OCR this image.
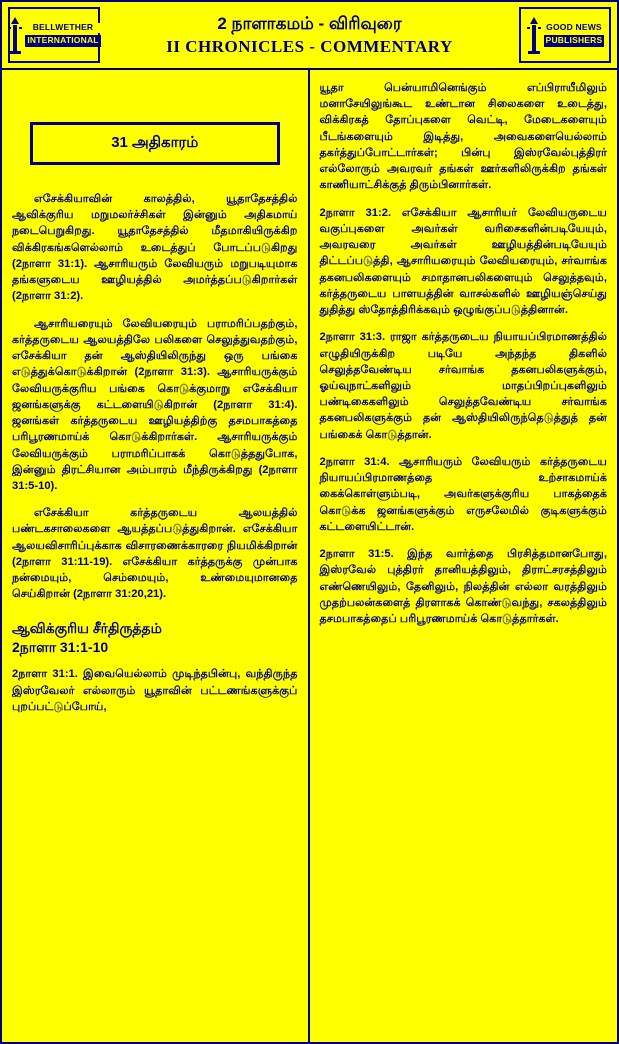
BELLWETHER
INTERNATIONAL
2 நாளாகமம் - விரிவுரை
II CHRONICLES - COMMENTARY
GOOD NEWS
PUBLISHERS
31 அதிகாரம்

எசேக்கியாவின் காலத்தில், யூதாதேசத்தில் ஆவிக்குரிய மறுமலர்ச்சிகள் இன்னும் அதிகமாய் நடைபெறுகிறது. யூதாதேசத்தில் மீதமாகியிருக்கிற விக்கிரகங்களெல்லாம் உடைத்துப் போடப்படுகிறது (2நாளா 31:1). ஆசாரியரும் லேவியரும் மறுபடியுமாக தங்களுடைய ஊழியத்தில் அமர்த்தப்படுகிறார்கள் (2நாளா 31:2).

ஆசாரியரையும் லேவியரையும் பராமரிப்பதற்கும், கர்த்தருடைய ஆலயத்திலே பலிகளை செலுத்துவதற்கும், எசேக்கியா தன் ஆஸ்தியிலிருந்து ஒரு பங்கை எடுத்துக்கொடுக்கிறான் (2நாளா 31:3). ஆசாரியருக்கும் லேவியருக்குரிய பங்கை கொடுக்குமாறு எசேக்கியா ஜனங்களுக்கு கட்டளையிடுகிறான் (2நாளா 31:4). ஜனங்கள் கர்த்தருடைய ஊழியத்திற்கு தசமபாகத்தை பரிபூரணமாய்க் கொடுக்கிறார்கள். ஆசாரியருக்கும் லேவியருக்கும் பராமரிப்பாகக் கொடுத்ததுபோக, இன்னும் திரட்சியான அம்பாரம் மீந்திருக்கிறது (2நாளா 31:5-10).

எசேக்கியா கர்த்தருடைய ஆலயத்தில் பண்டகசாலைகளை ஆயத்தப்படுத்துகிறான். எசேக்கியா ஆலயவிசாரிப்புக்காக விசாரணைக்காரரை நியமிக்கிறான் (2நாளா 31:11-19). எசேக்கியா கர்த்தருக்கு முன்பாக நன்மையும், செம்மையும், உண்மையுமானதை செய்கிறான் (2நாளா 31:20,21).

ஆவிக்குரிய சீர்திருத்தம்
2நாளா 31:1-10

2நாளா 31:1. இவையெல்லாம் முடிந்தபின்பு, வந்திருந்த இஸ்ரவேலர் எல்லாரும் யூதாவின் பட்டணங்களுக்குப் புறப்பட்டுப்போய்,

யூதா பென்யாமினெங்கும் எப்பிராயீமிலும் மனாசேயிலுங்கூட உண்டான சிலைகளை உடைத்து, விக்கிரகத் தோப்புகளை வெட்டி, மேடைகளையும் பீடங்களையும் இடித்து, அவைகளையெல்லாம் தகர்த்துப்போட்டார்கள்; பின்பு இஸ்ரவேல்புத்திரர் எல்லோரும் அவரவர் தங்கள் ஊர்களிலிருக்கிற தங்கள் காணியாட்சிக்குத் திரும்பினார்கள்.

2நாளா 31:2. எசேக்கியா ஆசாரியர் லேவியருடைய வகுப்புகளை அவர்கள் வரிசைகளின்படியேயும், அவரவரை அவர்கள் ஊழியத்தின்படியேயும் திட்டப்படுத்தி, ஆசாரியரையும் லேவியரையும், சர்வாங்க தகனபலிகளையும் சமாதானபலிகளையும் செலுத்தவும், கர்த்தருடைய பாளயத்தின் வாசல்களில் ஊழியஞ்செய்து துதித்து ஸ்தோத்திரிக்கவும் ஒழுங்குப்படுத்தினான்.

2நாளா 31:3. ராஜா கர்த்தருடைய நியாயப்பிரமாணத்தில் எழுதியிருக்கிற படியே அந்தந்த திகளில் செலுத்தவேண்டிய சர்வாங்க தகனபலிகளுக்கும், ஓய்வுநாட்களிலும் மாதப்பிறப்புகளிலும் பண்டிகைகளிலும் செலுத்தவேண்டிய சர்வாங்க தகனபலிகளுக்கும் தன் ஆஸ்தியிலிருந்தெடுத்துத் தன் பங்கைக் கொடுத்தான்.

2நாளா 31:4. ஆசாரியரும் லேவியரும் கர்த்தருடைய நியாயப்பிரமாணத்தை உற்சாகமாய்க் கைக்கொள்ளும்படி, அவர்களுக்குரிய பாகத்தைக் கொடுக்க ஜனங்களுக்கும் எருசலேமில் குடிகளுக்கும் கட்டளையிட்டான்.

2நாளா 31:5. இந்த வார்த்தை பிரசித்தமானபோது, இஸ்ரவேல் புத்திரர் தானியத்திலும், திராட்சரசத்திலும் எண்ணெயிலும், தேனிலும், நிலத்தின் எல்லா வரத்திலும் முதற்பலன்களைத் திரளாகக் கொண்டுவந்து, சகலத்திலும் தசமபாகத்தைப் பரிபூரணமாய்க் கொடுத்தார்கள்.
